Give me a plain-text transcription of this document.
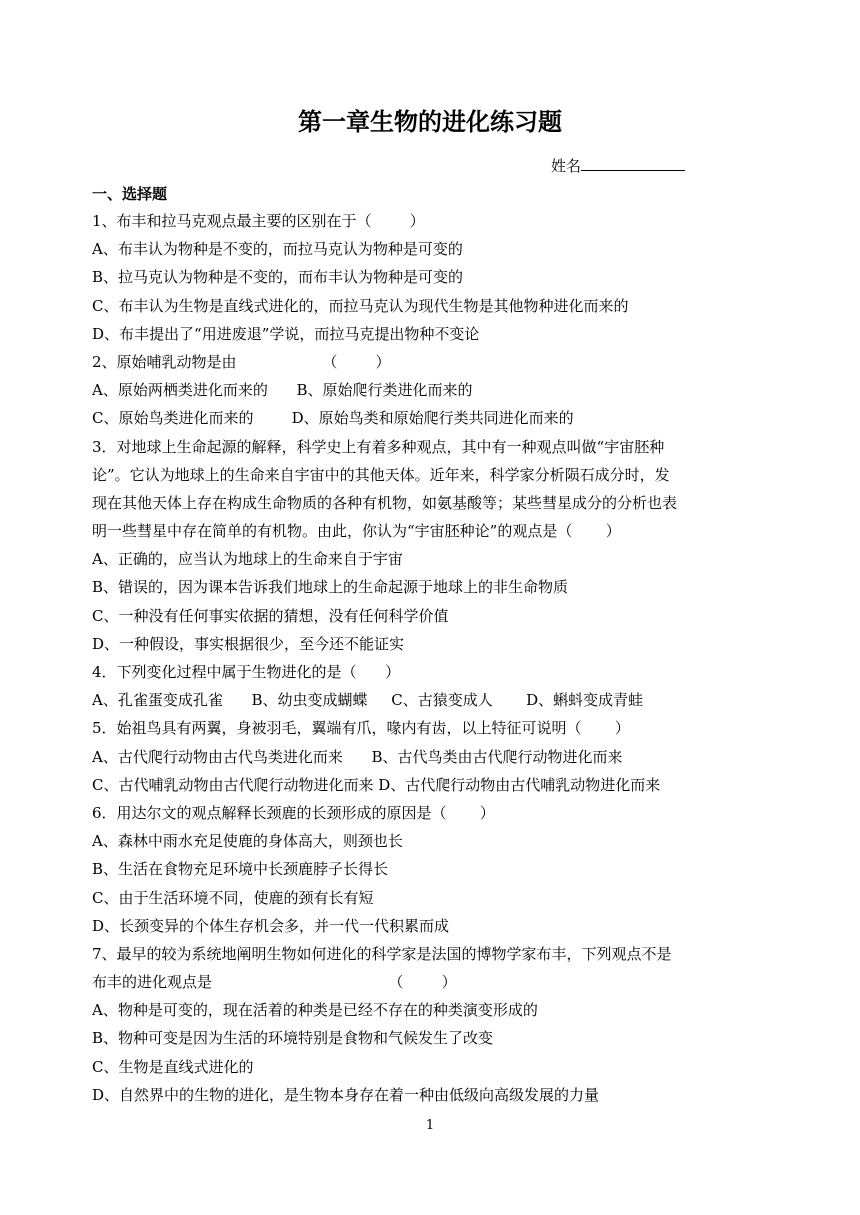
第一章生物的进化练习题
姓名
一、选择题
1、布丰和拉马克观点最主要的区别在于（        ）
A、布丰认为物种是不变的，而拉马克认为物种是可变的
B、拉马克认为物种是不变的，而布丰认为物种是可变的
C、布丰认为生物是直线式进化的，而拉马克认为现代生物是其他物种进化而来的
D、布丰提出了“用进废退”学说，而拉马克提出物种不变论
2、原始哺乳动物是由                  （        ）
A、原始两栖类进化而来的      B、原始爬行类进化而来的
C、原始鸟类进化而来的        D、原始鸟类和原始爬行类共同进化而来的
3．对地球上生命起源的解释，科学史上有着多种观点，其中有一种观点叫做“宇宙胚种
论”。它认为地球上的生命来自宇宙中的其他天体。近年来，科学家分析陨石成分时，发
现在其他天体上存在构成生命物质的各种有机物，如氨基酸等；某些彗星成分的分析也表
明一些彗星中存在简单的有机物。由此，你认为“宇宙胚种论”的观点是（       ）
A、正确的，应当认为地球上的生命来自于宇宙
B、错误的，因为课本告诉我们地球上的生命起源于地球上的非生命物质
C、一种没有任何事实依据的猜想，没有任何科学价值
D、一种假设，事实根据很少，至今还不能证实
4．下列变化过程中属于生物进化的是（      ）
A、孔雀蛋变成孔雀      B、幼虫变成蝴蝶     C、古猿变成人       D、蝌蚪变成青蛙
5．始祖鸟具有两翼，身被羽毛，翼端有爪，喙内有齿，以上特征可说明（       ）
A、古代爬行动物由古代鸟类进化而来      B、古代鸟类由古代爬行动物进化而来
C、古代哺乳动物由古代爬行动物进化而来 D、古代爬行动物由古代哺乳动物进化而来
6．用达尔文的观点解释长颈鹿的长颈形成的原因是（       ）
A、森林中雨水充足使鹿的身体高大，则颈也长
B、生活在食物充足环境中长颈鹿脖子长得长
C、由于生活环境不同，使鹿的颈有长有短
D、长颈变异的个体生存机会多，并一代一代积累而成
7、最早的较为系统地阐明生物如何进化的科学家是法国的博物学家布丰，下列观点不是
布丰的进化观点是                                     （        ）
A、物种是可变的，现在活着的种类是已经不存在的种类演变形成的
B、物种可变是因为生活的环境特别是食物和气候发生了改变
C、生物是直线式进化的
D、自然界中的生物的进化，是生物本身存在着一种由低级向高级发展的力量
1
